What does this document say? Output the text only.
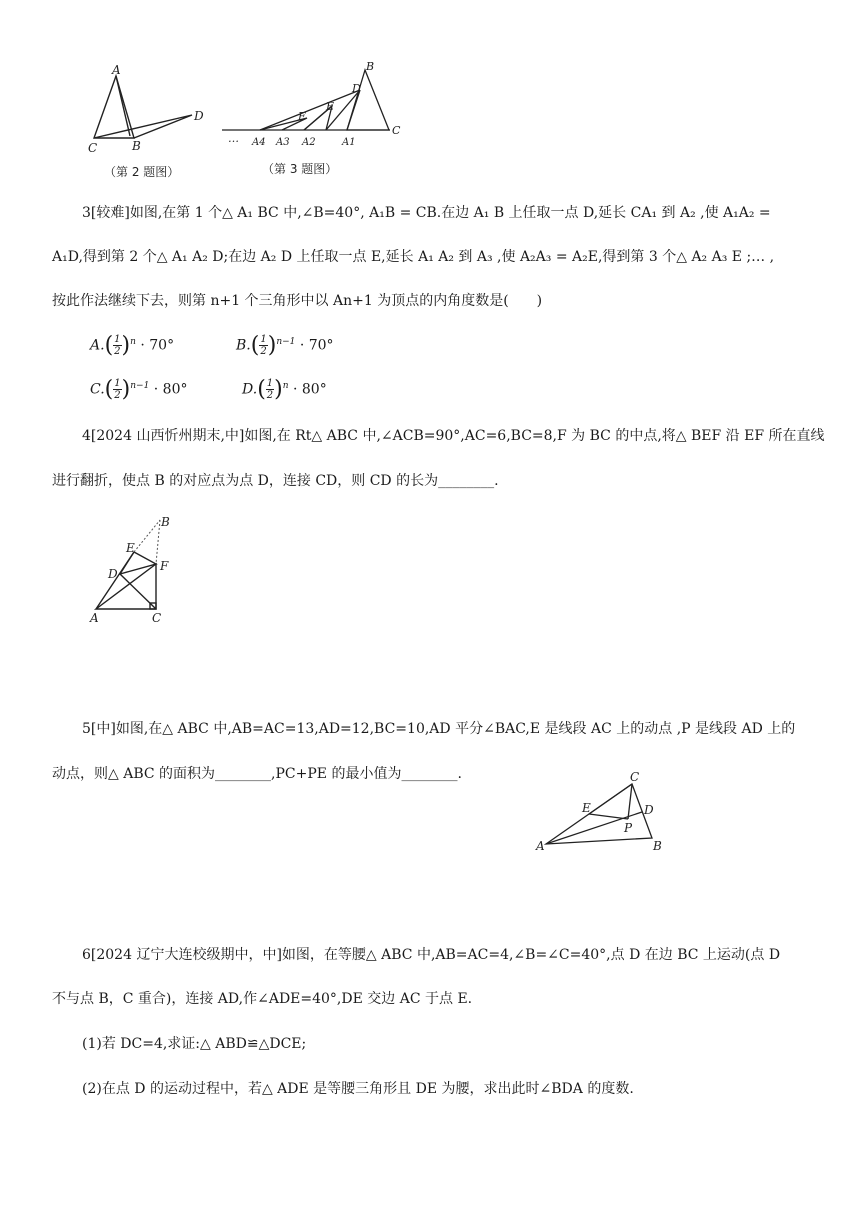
A
B
C
D
（第 2 题图）
B
D
E
F
C
… A4 A3 A2	A1
（第 3 题图）
3[较难]如图,在第 1 个△ A₁ BC 中,∠B=40°, A₁B = CB.在边 A₁ B 上任取一点 D,延长 CA₁ 到 A₂ ,使 A₁A₂ =
A₁D,得到第 2 个△ A₁ A₂ D;在边 A₂ D 上任取一点 E,延长 A₁ A₂ 到 A₃ ,使 A₂A₃ = A₂E,得到第 3 个△ A₂ A₃ E ;… ,
按此作法继续下去，则第 n+1 个三角形中以 An+1 为顶点的内角度数是(　　)
$A.( \frac{1}{2} )^n \cdot 70^\circ$	$B.( \frac{1}{2} )^{n-1} \cdot 70^\circ$
$C.( \frac{1}{2} )^{n-1} \cdot 80^\circ$	$D.( \frac{1}{2} )^n \cdot 80^\circ$
4[2024 山西忻州期末,中]如图,在 Rt△ ABC 中,∠ACB=90°,AC=6,BC=8,F 为 BC 的中点,将△ BEF 沿 EF 所在直线
进行翻折，使点 B 的对应点为点 D，连接 CD，则 CD 的长为________.
B
E
D
F
A	C
5[中]如图,在△ ABC 中,AB=AC=13,AD=12,BC=10,AD 平分∠BAC,E 是线段 AC 上的动点 ,P 是线段 AD 上的
动点，则△ ABC 的面积为________,PC+PE 的最小值为________.	C
E	D
P
A	B
6[2024 辽宁大连校级期中，中]如图，在等腰△ ABC 中,AB=AC=4,∠B=∠C=40°,点 D 在边 BC 上运动(点 D
不与点 B，C 重合)，连接 AD,作∠ADE=40°,DE 交边 AC 于点 E.
(1)若 DC=4,求证:△ ABD≌△DCE;
(2)在点 D 的运动过程中，若△ ADE 是等腰三角形且 DE 为腰，求出此时∠BDA 的度数.
